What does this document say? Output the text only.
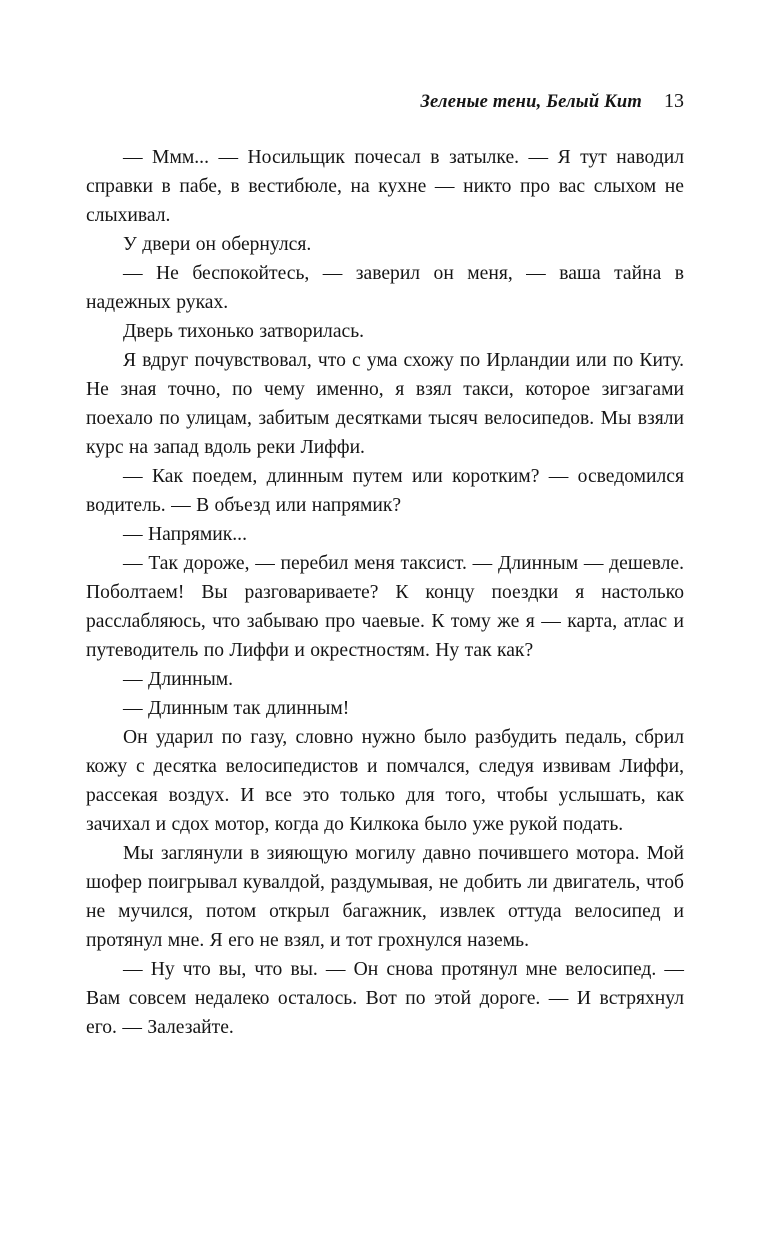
Зеленые тени, Белый Кит 13

— Ммм... — Носильщик почесал в затылке. — Я тут наводил справки в пабе, в вестибюле, на кухне — никто про вас слыхом не слыхивал.

У двери он обернулся.

— Не беспокойтесь, — заверил он меня, — ваша тайна в надежных руках.

Дверь тихонько затворилась.

Я вдруг почувствовал, что с ума схожу по Ирландии или по Киту. Не зная точно, по чему именно, я взял такси, которое зигзагами поехало по улицам, забитым десятками тысяч велосипедов. Мы взяли курс на запад вдоль реки Лиффи.

— Как поедем, длинным путем или коротким? — осведомился водитель. — В объезд или напрямик?

— Напрямик...

— Так дороже, — перебил меня таксист. — Длинным — дешевле. Поболтаем! Вы разговариваете? К концу поездки я настолько расслабляюсь, что забываю про чаевые. К тому же я — карта, атлас и путеводитель по Лиффи и окрестностям. Ну так как?

— Длинным.

— Длинным так длинным!

Он ударил по газу, словно нужно было разбудить педаль, сбрил кожу с десятка велосипедистов и помчался, следуя извивам Лиффи, рассекая воздух. И все это только для того, чтобы услышать, как зачихал и сдох мотор, когда до Килкока было уже рукой подать.

Мы заглянули в зияющую могилу давно почившего мотора. Мой шофер поигрывал кувалдой, раздумывая, не добить ли двигатель, чтоб не мучился, потом открыл багажник, извлек оттуда велосипед и протянул мне. Я его не взял, и тот грохнулся наземь.

— Ну что вы, что вы. — Он снова протянул мне велосипед. — Вам совсем недалеко осталось. Вот по этой дороге. — И встряхнул его. — Залезайте.
